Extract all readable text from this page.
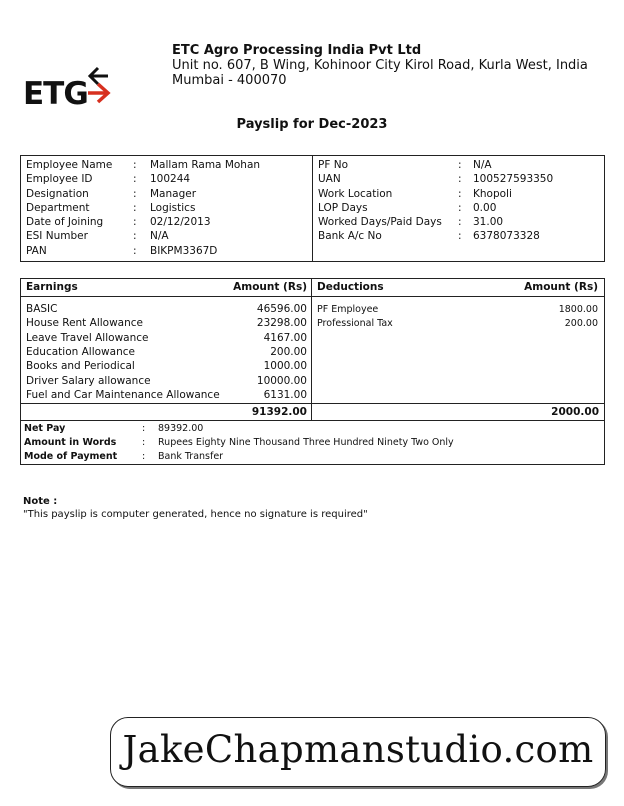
ETG
ETC Agro Processing India Pvt Ltd
Unit no. 607, B Wing, Kohinoor City Kirol Road, Kurla West, India
Mumbai - 400070
Payslip for Dec-2023
Employee Name : Mallam Rama Mohan
Employee ID	: 100244
Designation	: Manager
Department	: Logistics
Date of Joining	: 02/12/2013
ESI Number	: N/A
PAN	: BIKPM3367D
PF No	: N/A
UAN	: 100527593350
Work Location	: Khopoli
LOP Days	: 0.00
Worked Days/Paid Days : 31.00
Bank A/c No	: 6378073328
Earnings	Amount (Rs) Deductions	Amount (Rs)
BASIC	46596.00
House Rent Allowance	23298.00
Leave Travel Allowance	4167.00
Education Allowance	200.00
Books and Periodical	1000.00
Driver Salary allowance	10000.00
Fuel and Car Maintenance Allowance	6131.00
PF Employee	1800.00
Professional Tax	200.00
91392.00	2000.00
Net Pay	: 89392.00
Amount in Words	: Rupees Eighty Nine Thousand Three Hundred Ninety Two Only
Mode of Payment	: Bank Transfer
Note :
"This payslip is computer generated, hence no signature is required"
JakeChapmanstudio.com
